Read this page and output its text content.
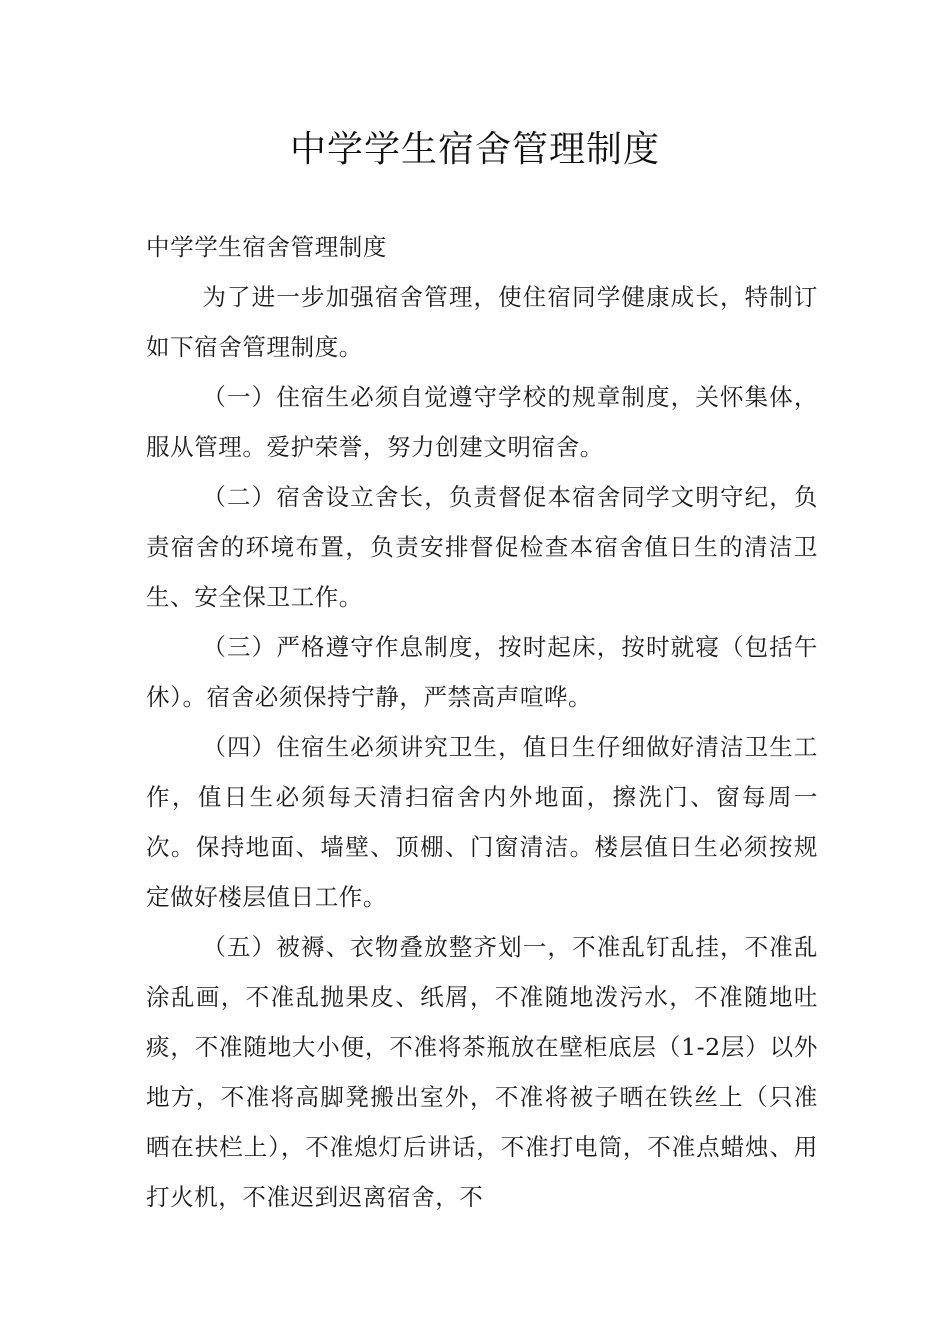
中学学生宿舍管理制度

中学学生宿舍管理制度

为了进一步加强宿舍管理，使住宿同学健康成长，特制订如下宿舍管理制度。

（一）住宿生必须自觉遵守学校的规章制度，关怀集体，服从管理。爱护荣誉，努力创建文明宿舍。

（二）宿舍设立舍长，负责督促本宿舍同学文明守纪，负责宿舍的环境布置，负责安排督促检查本宿舍值日生的清洁卫生、安全保卫工作。

（三）严格遵守作息制度，按时起床，按时就寝（包括午休）。宿舍必须保持宁静，严禁高声喧哗。

（四）住宿生必须讲究卫生，值日生仔细做好清洁卫生工作，值日生必须每天清扫宿舍内外地面，擦洗门、窗每周一次。保持地面、墙壁、顶棚、门窗清洁。楼层值日生必须按规定做好楼层值日工作。

（五）被褥、衣物叠放整齐划一，不准乱钉乱挂，不准乱涂乱画，不准乱抛果皮、纸屑，不准随地泼污水，不准随地吐痰，不准随地大小便，不准将茶瓶放在壁柜底层（1-2层）以外地方，不准将高脚凳搬出室外，不准将被子晒在铁丝上（只准晒在扶栏上），不准熄灯后讲话，不准打电筒，不准点蜡烛、用打火机，不准迟到迟离宿舍，不
